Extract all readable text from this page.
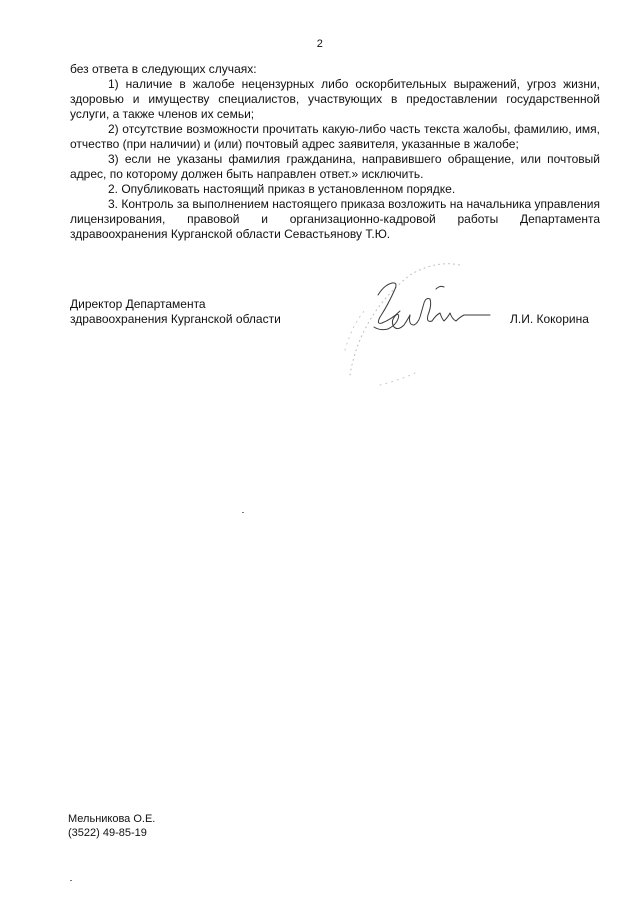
2

без ответа в следующих случаях:

1) наличие в жалобе нецензурных либо оскорбительных выражений, угроз жизни, здоровью и имуществу специалистов, участвующих в предоставлении государственной услуги, а также членов их семьи;

2) отсутствие возможности прочитать какую-либо часть текста жалобы, фамилию, имя, отчество (при наличии) и (или) почтовый адрес заявителя, указанные в жалобе;

3) если не указаны фамилия гражданина, направившего обращение, или почтовый адрес, по которому должен быть направлен ответ.» исключить.

2. Опубликовать настоящий приказ в установленном порядке.

3. Контроль за выполнением настоящего приказа возложить на начальника управления лицензирования, правовой и организационно-кадровой работы Департамента здравоохранения Курганской области Севастьянову Т.Ю.

Директор Департамента

здравоохранения Курганской области	Л.И. Кокорина

Мельникова О.Е.

(3522) 49-85-19
